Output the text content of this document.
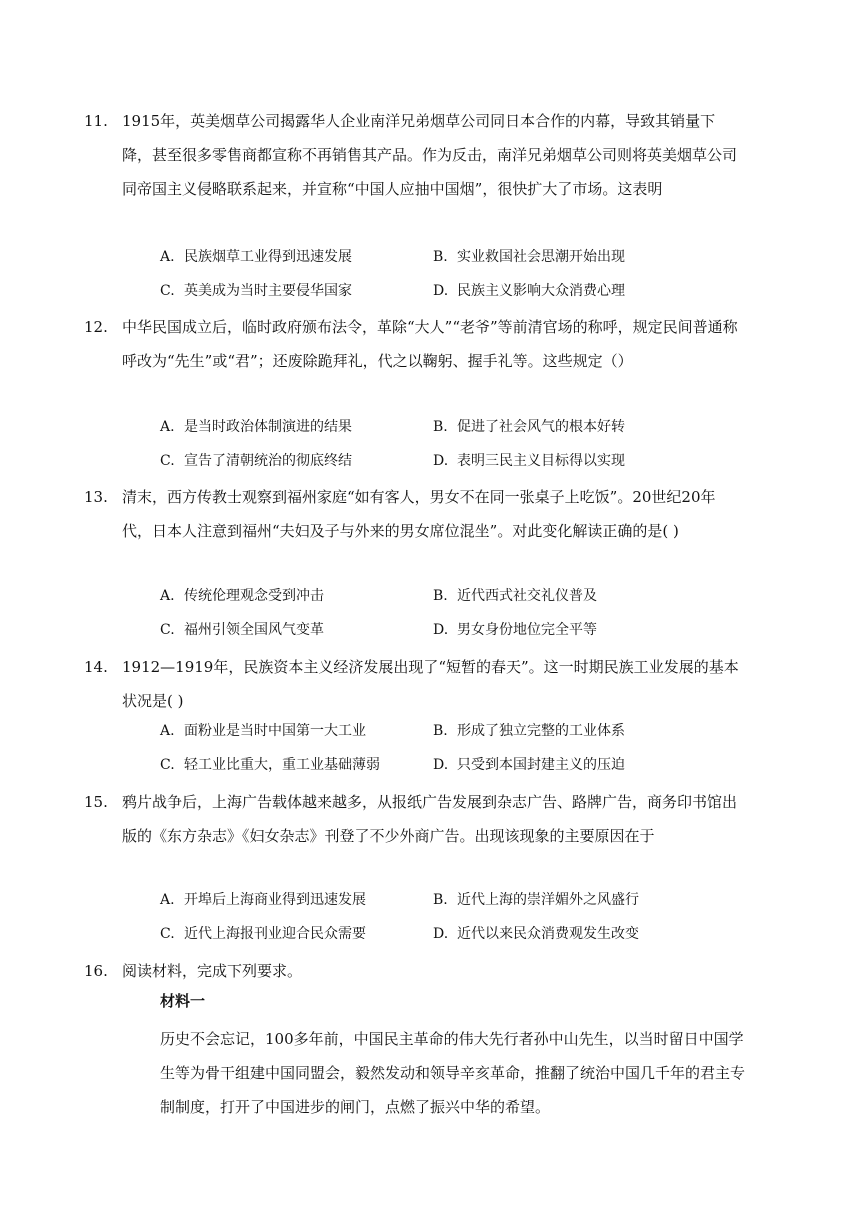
11. 1915年，英美烟草公司揭露华人企业南洋兄弟烟草公司同日本合作的内幕，导致其销量下降，甚至很多零售商都宣称不再销售其产品。作为反击，南洋兄弟烟草公司则将英美烟草公司同帝国主义侵略联系起来，并宣称“中国人应抽中国烟”，很快扩大了市场。这表明
A. 民族烟草工业得到迅速发展	B. 实业救国社会思潮开始出现
C. 英美成为当时主要侵华国家	D. 民族主义影响大众消费心理
12. 中华民国成立后，临时政府颁布法令，革除“大人”“老爷”等前清官场的称呼，规定民间普通称呼改为“先生”或“君”；还废除跪拜礼，代之以鞠躬、握手礼等。这些规定（）
A. 是当时政治体制演进的结果	B. 促进了社会风气的根本好转
C. 宣告了清朝统治的彻底终结	D. 表明三民主义目标得以实现
13. 清末，西方传教士观察到福州家庭“如有客人，男女不在同一张桌子上吃饭”。20世纪20年代，日本人注意到福州“夫妇及子与外来的男女席位混坐”。对此变化解读正确的是( )
A. 传统伦理观念受到冲击	B. 近代西式社交礼仪普及
C. 福州引领全国风气变革	D. 男女身份地位完全平等
14. 1912—1919年，民族资本主义经济发展出现了“短暂的春天”。这一时期民族工业发展的基本状况是( )
A. 面粉业是当时中国第一大工业	B. 形成了独立完整的工业体系
C. 轻工业比重大，重工业基础薄弱	D. 只受到本国封建主义的压迫
15. 鸦片战争后，上海广告载体越来越多，从报纸广告发展到杂志广告、路牌广告，商务印书馆出版的《东方杂志》《妇女杂志》刊登了不少外商广告。出现该现象的主要原因在于
A. 开埠后上海商业得到迅速发展	B. 近代上海的崇洋媚外之风盛行
C. 近代上海报刊业迎合民众需要	D. 近代以来民众消费观发生改变
16. 阅读材料，完成下列要求。
材料一
历史不会忘记，100多年前，中国民主革命的伟大先行者孙中山先生，以当时留日中国学生等为骨干组建中国同盟会，毅然发动和领导辛亥革命，推翻了统治中国几千年的君主专制制度，打开了中国进步的闸门，点燃了振兴中华的希望。
